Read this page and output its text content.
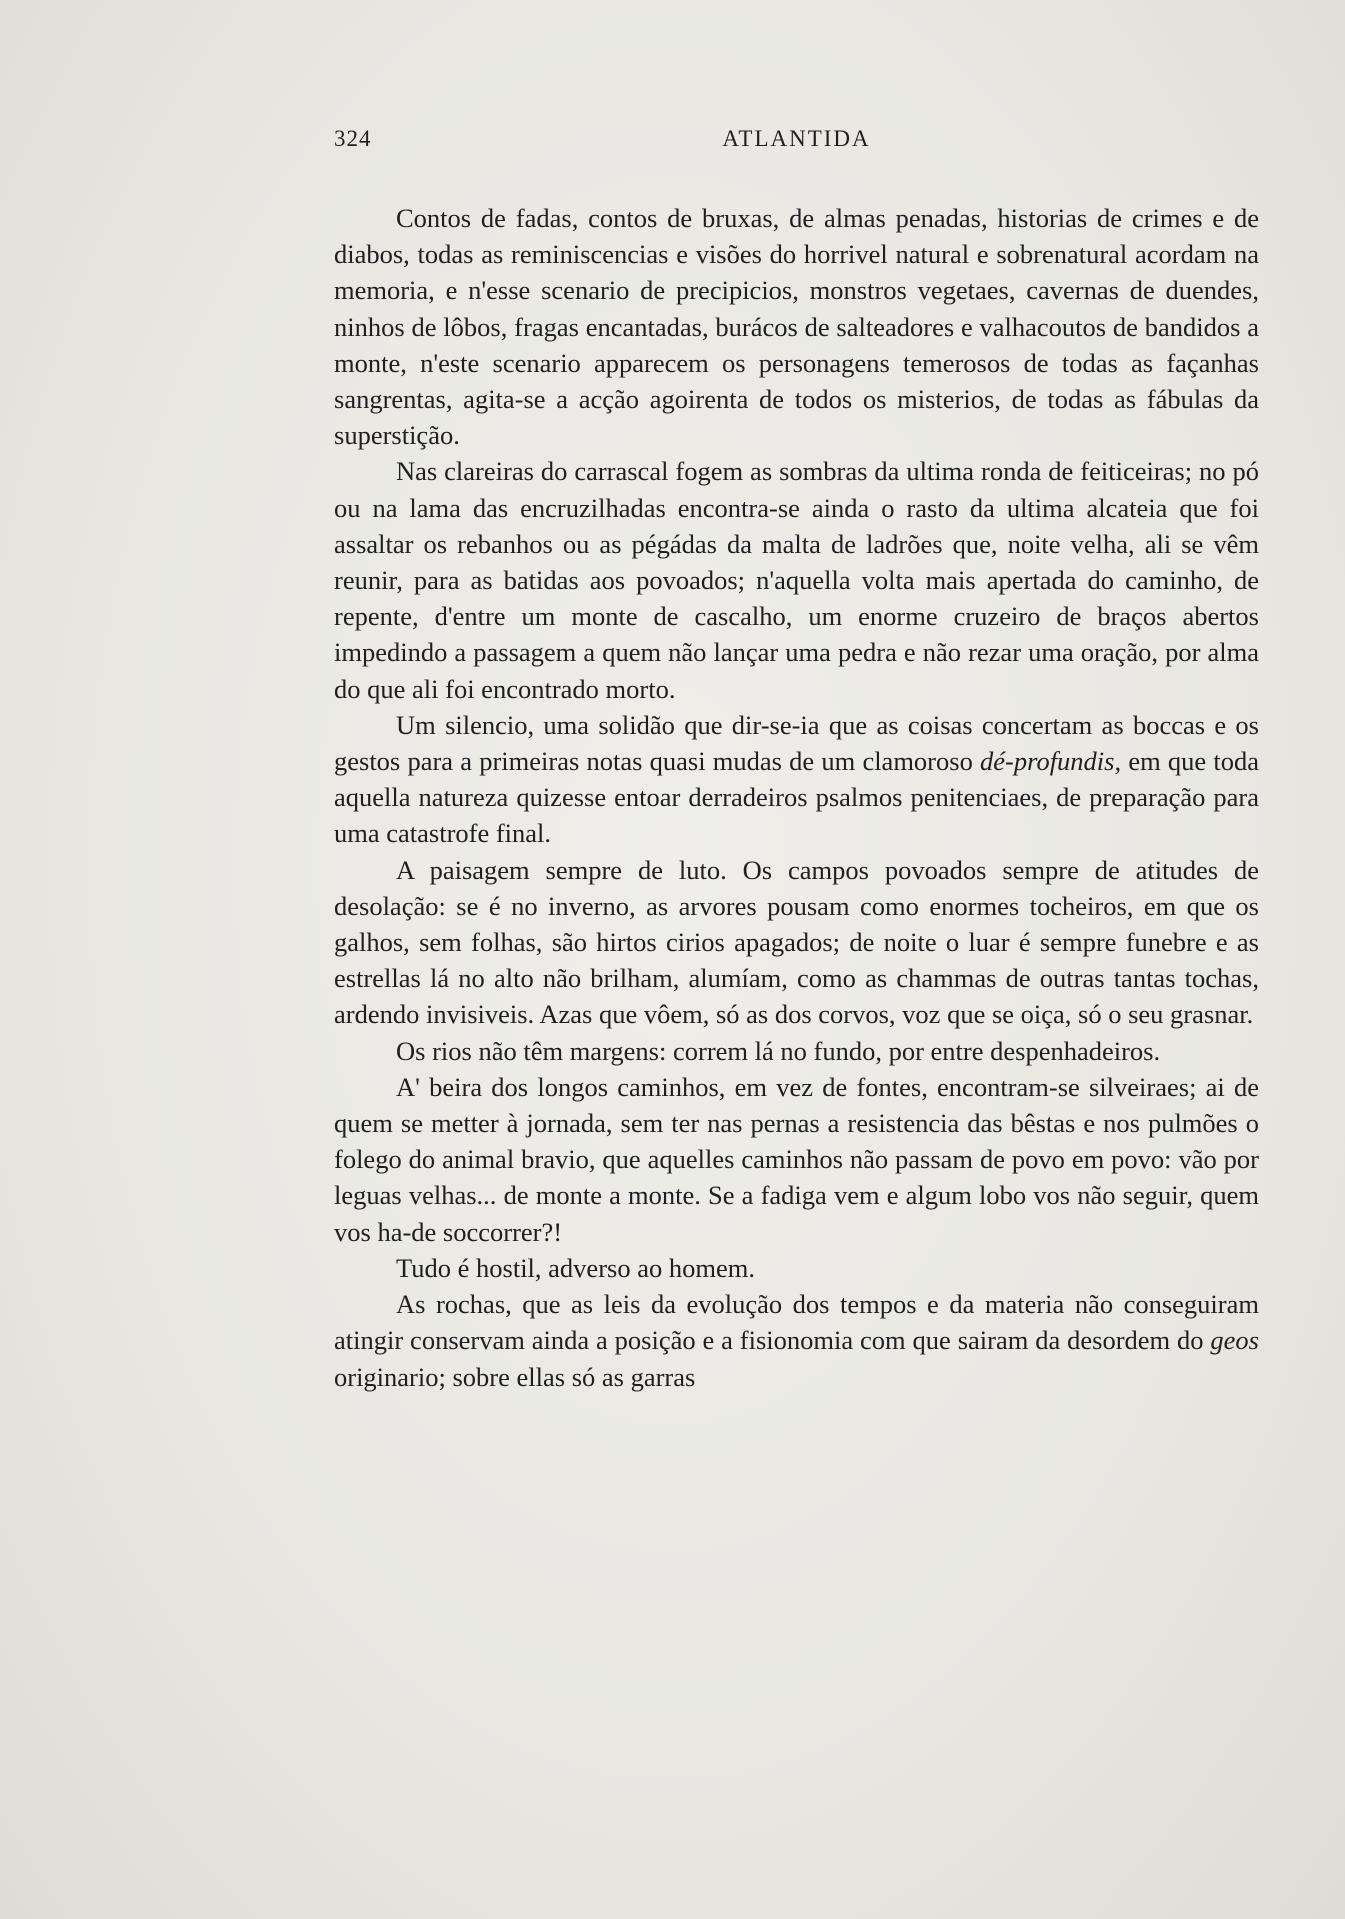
324	ATLANTIDA

Contos de fadas, contos de bruxas, de almas penadas, historias de crimes e de diabos, todas as reminiscencias e visões do horrivel natural e sobrenatural acordam na memoria, e n'esse scenario de precipicios, monstros vegetaes, cavernas de duendes, ninhos de lôbos, fragas encantadas, burácos de salteadores e valhacoutos de bandidos a monte, n'este scenario apparecem os personagens temerosos de todas as façanhas sangrentas, agita-se a acção agoirenta de todos os misterios, de todas as fábulas da superstição.

Nas clareiras do carrascal fogem as sombras da ultima ronda de feiticeiras; no pó ou na lama das encruzilhadas encontra-se ainda o rasto da ultima alcateia que foi assaltar os rebanhos ou as pégádas da malta de ladrões que, noite velha, ali se vêm reunir, para as batidas aos povoados; n'aquella volta mais apertada do caminho, de repente, d'entre um monte de cascalho, um enorme cruzeiro de braços abertos impedindo a passagem a quem não lançar uma pedra e não rezar uma oração, por alma do que ali foi encontrado morto.

Um silencio, uma solidão que dir-se-ia que as coisas concertam as boccas e os gestos para a primeiras notas quasi mudas de um clamoroso dé-profundis, em que toda aquella natureza quizesse entoar derradeiros psalmos penitenciaes, de preparação para uma catastrofe final.

A paisagem sempre de luto. Os campos povoados sempre de atitudes de desolação: se é no inverno, as arvores pousam como enormes tocheiros, em que os galhos, sem folhas, são hirtos cirios apagados; de noite o luar é sempre funebre e as estrellas lá no alto não brilham, alumíam, como as chammas de outras tantas tochas, ardendo invisiveis. Azas que vôem, só as dos corvos, voz que se oiça, só o seu grasnar.

Os rios não têm margens: correm lá no fundo, por entre despenhadeiros.

A' beira dos longos caminhos, em vez de fontes, encontram-se silveiraes; ai de quem se metter à jornada, sem ter nas pernas a resistencia das bêstas e nos pulmões o folego do animal bravio, que aquelles caminhos não passam de povo em povo: vão por leguas velhas... de monte a monte. Se a fadiga vem e algum lobo vos não seguir, quem vos ha-de soccorrer?!

Tudo é hostil, adverso ao homem.

As rochas, que as leis da evolução dos tempos e da materia não conseguiram atingir conservam ainda a posição e a fisionomia com que sairam da desordem do geos originario; sobre ellas só as garras
